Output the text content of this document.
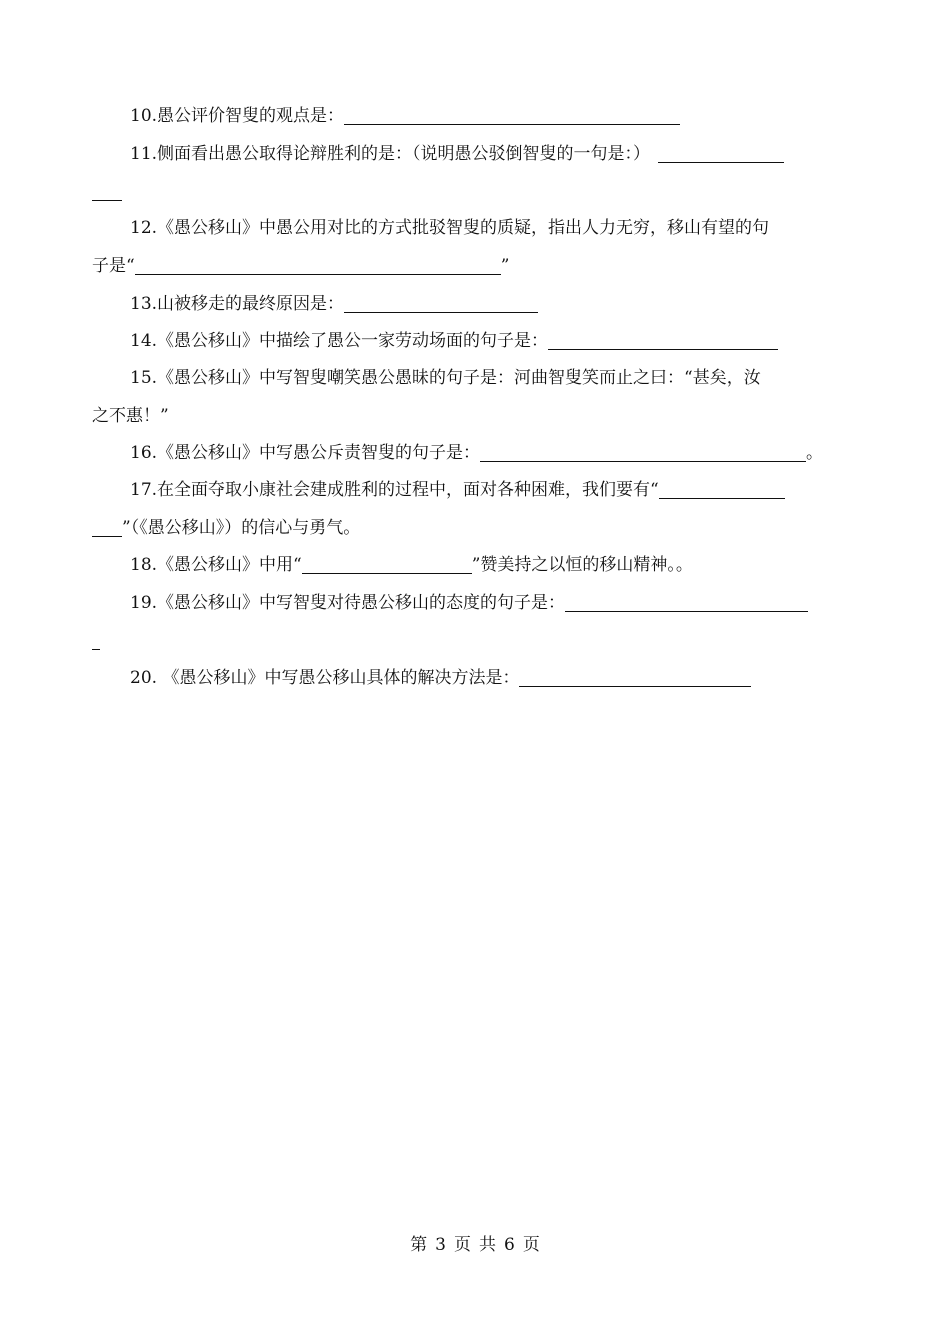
10.愚公评价智叟的观点是：
11.侧面看出愚公取得论辩胜利的是：（说明愚公驳倒智叟的一句是：）
12.《愚公移山》中愚公用对比的方式批驳智叟的质疑，指出人力无穷，移山有望的句
子是“	”
13.山被移走的最终原因是：
14.《愚公移山》中描绘了愚公一家劳动场面的句子是：
15.《愚公移山》中写智叟嘲笑愚公愚昧的句子是：河曲智叟笑而止之曰：“甚矣，汝
之不惠！”
16.《愚公移山》中写愚公斥责智叟的句子是：	。
17.在全面夺取小康社会建成胜利的过程中，面对各种困难，我们要有“
”（《愚公移山》）的信心与勇气。
18.《愚公移山》中用“	”赞美持之以恒的移山精神。。
19.《愚公移山》中写智叟对待愚公移山的态度的句子是：
20. 《愚公移山》中写愚公移山具体的解决方法是：
第 3 页 共 6 页
